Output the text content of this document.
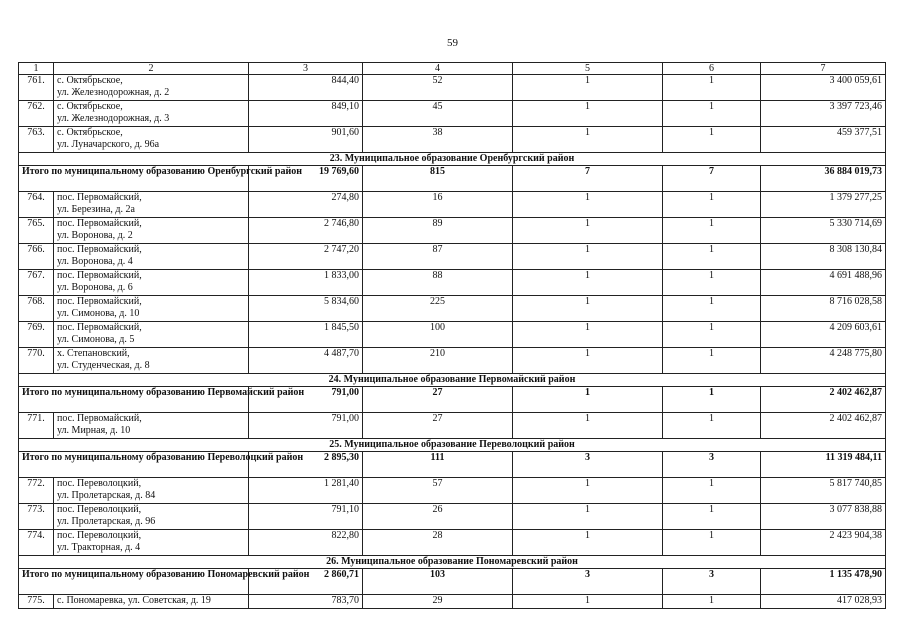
59
1	2	3	4	5	6	7
761.	с. Октябрьское,
ул. Железнодорожная, д. 2	844,40	52	1	1	3 400 059,61
762.	с. Октябрьское,
ул. Железнодорожная, д. 3	849,10	45	1	1	3 397 723,46
763.	с. Октябрьское,
ул. Луначарского, д. 96а	901,60	38	1	1	459 377,51
23. Муниципальное образование Оренбургский район						
Итого по муниципальному образованию Оренбургский район		19 769,60	815	7	7	36 884 019,73
764.	пос. Первомайский,
ул. Березина, д. 2а	274,80	16	1	1	1 379 277,25
765.	пос. Первомайский,
ул. Воронова, д. 2	2 746,80	89	1	1	5 330 714,69
766.	пос. Первомайский,
ул. Воронова, д. 4	2 747,20	87	1	1	8 308 130,84
767.	пос. Первомайский,
ул. Воронова, д. 6	1 833,00	88	1	1	4 691 488,96
768.	пос. Первомайский,
ул. Симонова, д. 10	5 834,60	225	1	1	8 716 028,58
769.	пос. Первомайский,
ул. Симонова, д. 5	1 845,50	100	1	1	4 209 603,61
770.	х. Степановский,
ул. Студенческая, д. 8	4 487,70	210	1	1	4 248 775,80
24. Муниципальное образование Первомайский район						
Итого по муниципальному образованию Первомайский район		791,00	27	1	1	2 402 462,87
771.	пос. Первомайский,
ул. Мирная, д. 10	791,00	27	1	1	2 402 462,87
25. Муниципальное образование Переволоцкий район						
Итого по муниципальному образованию Переволоцкий район		2 895,30	111	3	3	11 319 484,11
772.	пос. Переволоцкий,
ул. Пролетарская, д. 84	1 281,40	57	1	1	5 817 740,85
773.	пос. Переволоцкий,
ул. Пролетарская, д. 96	791,10	26	1	1	3 077 838,88
774.	пос. Переволоцкий,
ул. Тракторная, д. 4	822,80	28	1	1	2 423 904,38
26. Муниципальное образование Пономаревский район						
Итого по муниципальному образованию Пономаревский район		2 860,71	103	3	3	1 135 478,90
775.	с. Пономаревка, ул. Советская, д. 19	783,70	29	1	1	417 028,93
